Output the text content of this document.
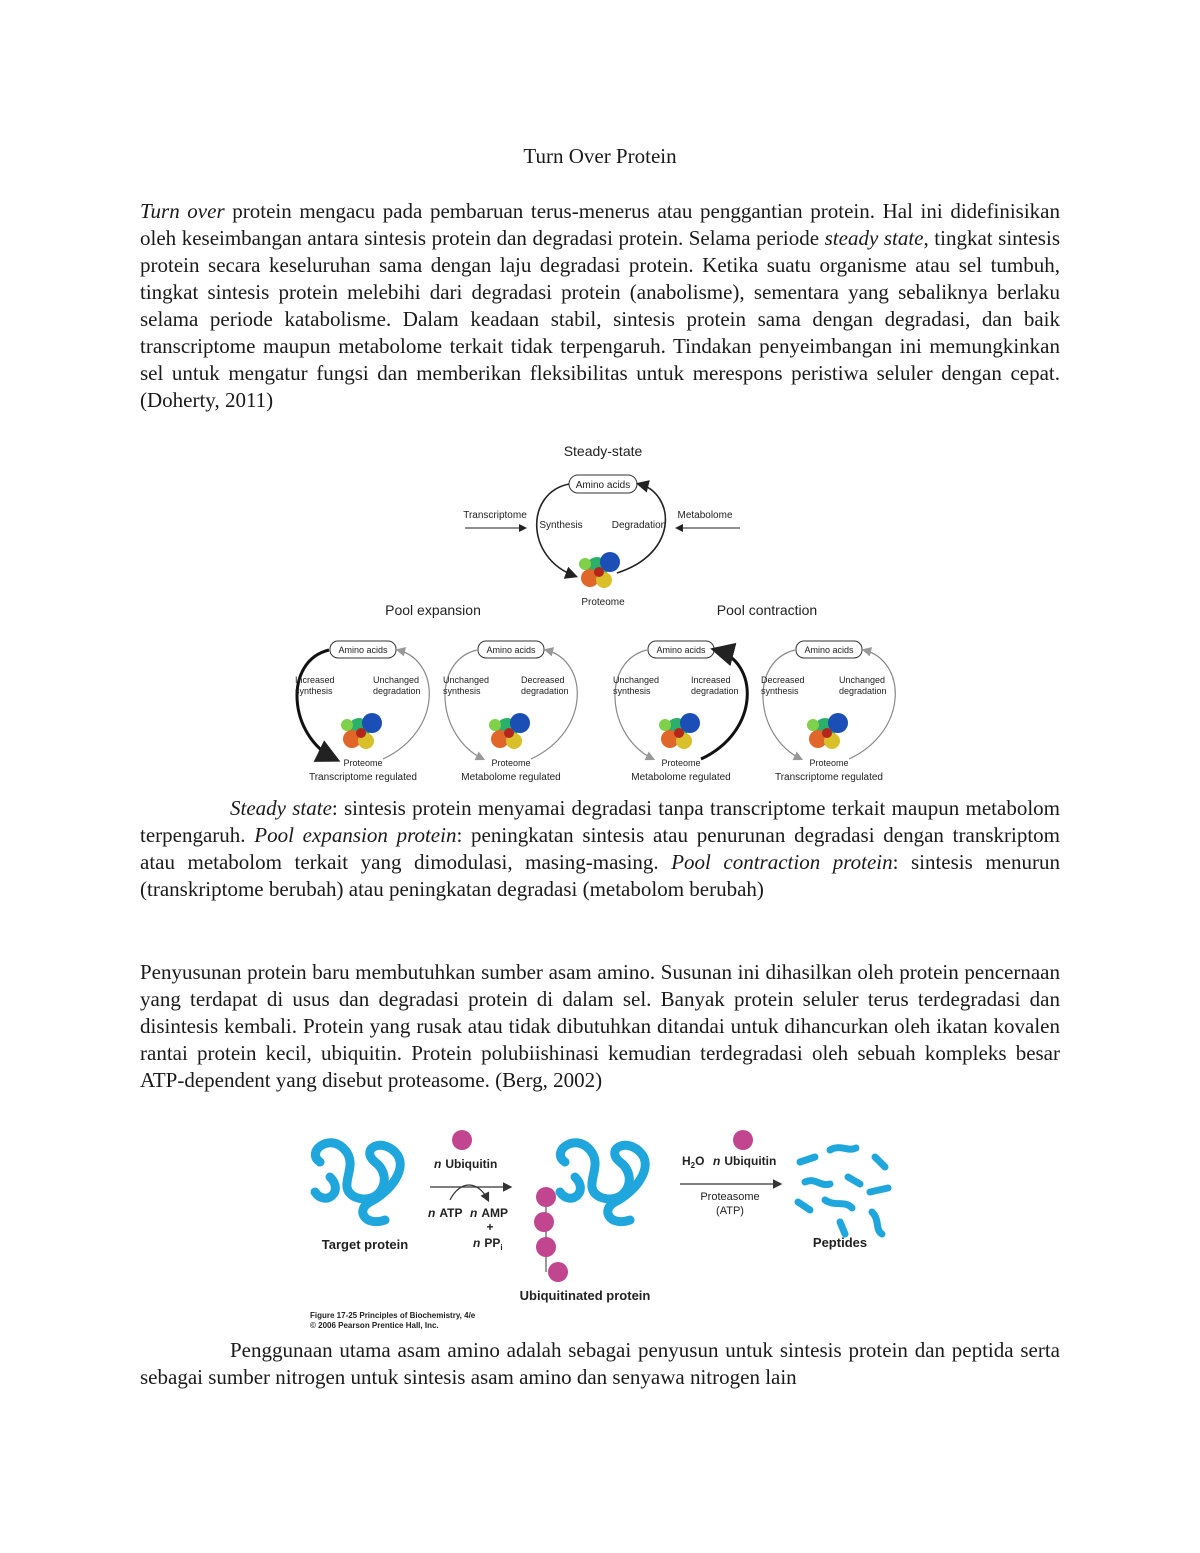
Turn Over Protein

Turn over protein mengacu pada pembaruan terus-menerus atau penggantian protein. Hal ini didefinisikan oleh keseimbangan antara sintesis protein dan degradasi protein. Selama periode steady state, tingkat sintesis protein secara keseluruhan sama dengan laju degradasi protein. Ketika suatu organisme atau sel tumbuh, tingkat sintesis protein melebihi dari degradasi protein (anabolisme), sementara yang sebaliknya berlaku selama periode katabolisme. Dalam keadaan stabil, sintesis protein sama dengan degradasi, dan baik transcriptome maupun metabolome terkait tidak terpengaruh. Tindakan penyeimbangan ini memungkinkan sel untuk mengatur fungsi dan memberikan fleksibilitas untuk merespons peristiwa seluler dengan cepat. (Doherty, 2011)

Steady-state
Amino acids
Transcriptome	Metabolome
Synthesis	Degradation
Proteome
Pool expansion	Pool contraction
Amino acids
Increased
synthesis
Unchanged
degradation
Proteome
Transcriptome regulated
Amino acids
Unchanged
synthesis
Decreased
degradation
Proteome
Metabolome regulated
Amino acids
Unchanged
synthesis
Increased
degradation
Proteome
Metabolome regulated
Amino acids
Decreased
synthesis
Unchanged
degradation
Proteome
Transcriptome regulated

Steady state: sintesis protein menyamai degradasi tanpa transcriptome terkait maupun metabolom terpengaruh. Pool expansion protein: peningkatan sintesis atau penurunan degradasi dengan transkriptom atau metabolom terkait yang dimodulasi, masing-masing. Pool contraction protein: sintesis menurun (transkriptome berubah) atau peningkatan degradasi (metabolom berubah)

Penyusunan protein baru membutuhkan sumber asam amino. Susunan ini dihasilkan oleh protein pencernaan yang terdapat di usus dan degradasi protein di dalam sel. Banyak protein seluler terus terdegradasi dan disintesis kembali. Protein yang rusak atau tidak dibutuhkan ditandai untuk dihancurkan oleh ikatan kovalen rantai protein kecil, ubiquitin. Protein polubiishinasi kemudian terdegradasi oleh sebuah kompleks besar ATP-dependent yang disebut proteasome. (Berg, 2002)

Target protein
n Ubiquitin
n ATP n AMP
+
n $PP_i$
Ubiquitinated protein
$H_2O$ n Ubiquitin
Proteasome
(ATP)
Peptides
Figure 17-25 Principles of Biochemistry, 4/e
© 2006 Pearson Prentice Hall, Inc.

Penggunaan utama asam amino adalah sebagai penyusun untuk sintesis protein dan peptida serta sebagai sumber nitrogen untuk sintesis asam amino dan senyawa nitrogen lain
